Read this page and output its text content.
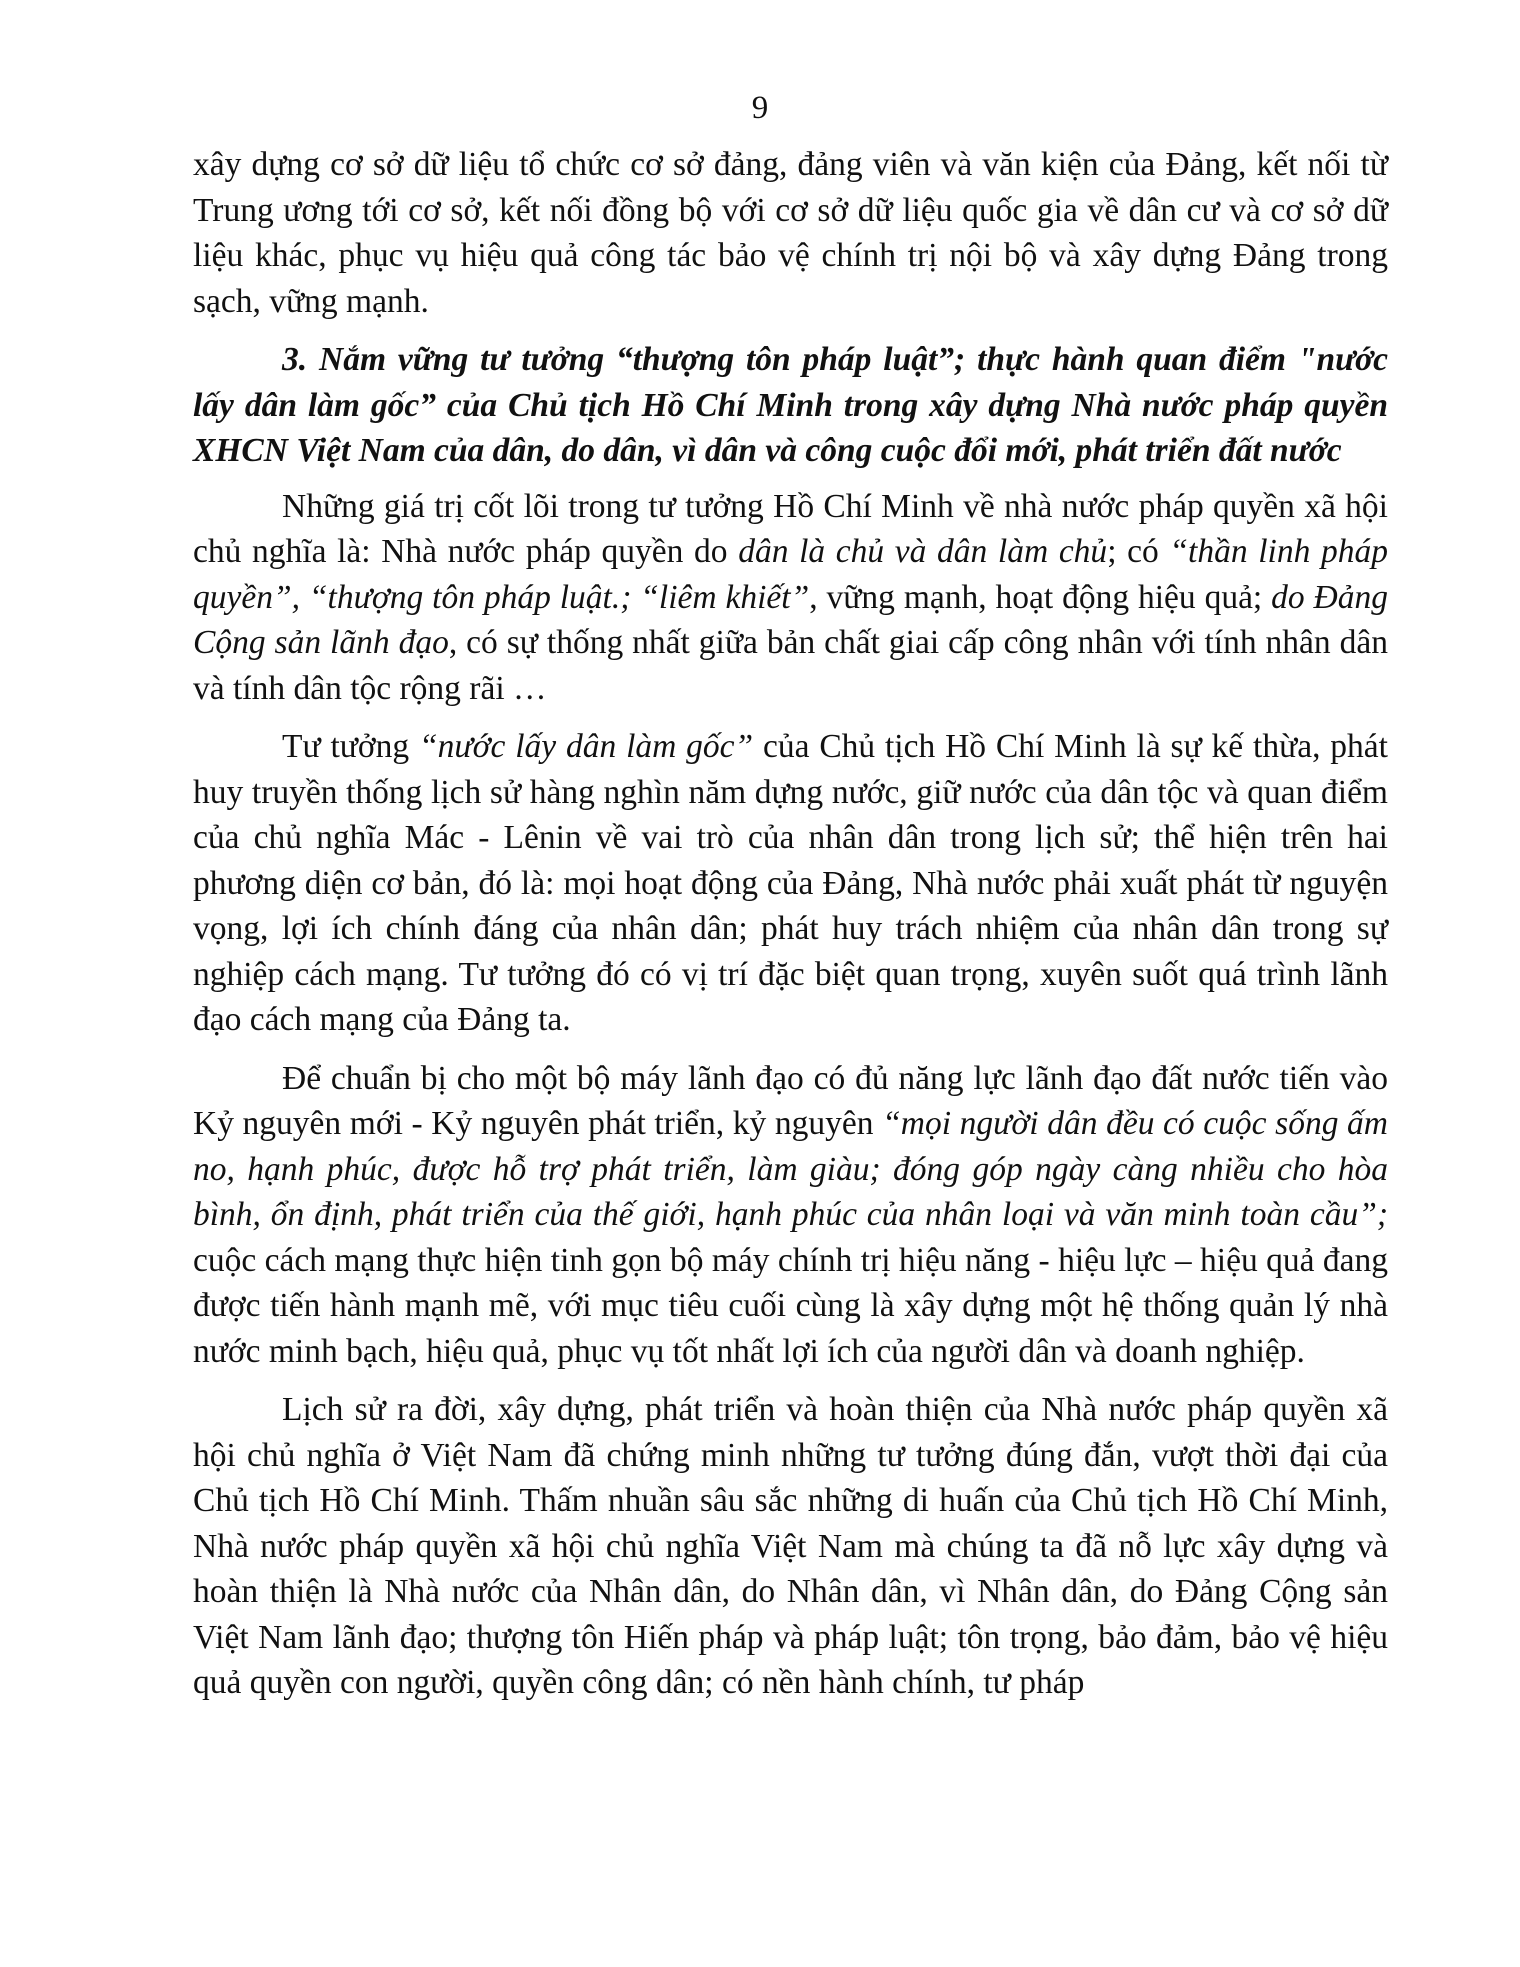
9

xây dựng cơ sở dữ liệu tổ chức cơ sở đảng, đảng viên và văn kiện của Đảng, kết nối từ Trung ương tới cơ sở, kết nối đồng bộ với cơ sở dữ liệu quốc gia về dân cư và cơ sở dữ liệu khác, phục vụ hiệu quả công tác bảo vệ chính trị nội bộ và xây dựng Đảng trong sạch, vững mạnh.

3. Nắm vững tư tưởng “thượng tôn pháp luật”; thực hành quan điểm "nước lấy dân làm gốc” của Chủ tịch Hồ Chí Minh trong xây dựng Nhà nước pháp quyền XHCN Việt Nam của dân, do dân, vì dân và công cuộc đổi mới, phát triển đất nước

Những giá trị cốt lõi trong tư tưởng Hồ Chí Minh về nhà nước pháp quyền xã hội chủ nghĩa là: Nhà nước pháp quyền do dân là chủ và dân làm chủ; có “thần linh pháp quyền”, “thượng tôn pháp luật.; “liêm khiết”, vững mạnh, hoạt động hiệu quả; do Đảng Cộng sản lãnh đạo, có sự thống nhất giữa bản chất giai cấp công nhân với tính nhân dân và tính dân tộc rộng rãi …

Tư tưởng “nước lấy dân làm gốc” của Chủ tịch Hồ Chí Minh là sự kế thừa, phát huy truyền thống lịch sử hàng nghìn năm dựng nước, giữ nước của dân tộc và quan điểm của chủ nghĩa Mác - Lênin về vai trò của nhân dân trong lịch sử; thể hiện trên hai phương diện cơ bản, đó là: mọi hoạt động của Đảng, Nhà nước phải xuất phát từ nguyện vọng, lợi ích chính đáng của nhân dân; phát huy trách nhiệm của nhân dân trong sự nghiệp cách mạng. Tư tưởng đó có vị trí đặc biệt quan trọng, xuyên suốt quá trình lãnh đạo cách mạng của Đảng ta.

Để chuẩn bị cho một bộ máy lãnh đạo có đủ năng lực lãnh đạo đất nước tiến vào Kỷ nguyên mới - Kỷ nguyên phát triển, kỷ nguyên “mọi người dân đều có cuộc sống ấm no, hạnh phúc, được hỗ trợ phát triển, làm giàu; đóng góp ngày càng nhiều cho hòa bình, ổn định, phát triển của thế giới, hạnh phúc của nhân loại và văn minh toàn cầu”; cuộc cách mạng thực hiện tinh gọn bộ máy chính trị hiệu năng - hiệu lực – hiệu quả đang được tiến hành mạnh mẽ, với mục tiêu cuối cùng là xây dựng một hệ thống quản lý nhà nước minh bạch, hiệu quả, phục vụ tốt nhất lợi ích của người dân và doanh nghiệp.

Lịch sử ra đời, xây dựng, phát triển và hoàn thiện của Nhà nước pháp quyền xã hội chủ nghĩa ở Việt Nam đã chứng minh những tư tưởng đúng đắn, vượt thời đại của Chủ tịch Hồ Chí Minh. Thấm nhuần sâu sắc những di huấn của Chủ tịch Hồ Chí Minh, Nhà nước pháp quyền xã hội chủ nghĩa Việt Nam mà chúng ta đã nỗ lực xây dựng và hoàn thiện là Nhà nước của Nhân dân, do Nhân dân, vì Nhân dân, do Đảng Cộng sản Việt Nam lãnh đạo; thượng tôn Hiến pháp và pháp luật; tôn trọng, bảo đảm, bảo vệ hiệu quả quyền con người, quyền công dân; có nền hành chính, tư pháp
